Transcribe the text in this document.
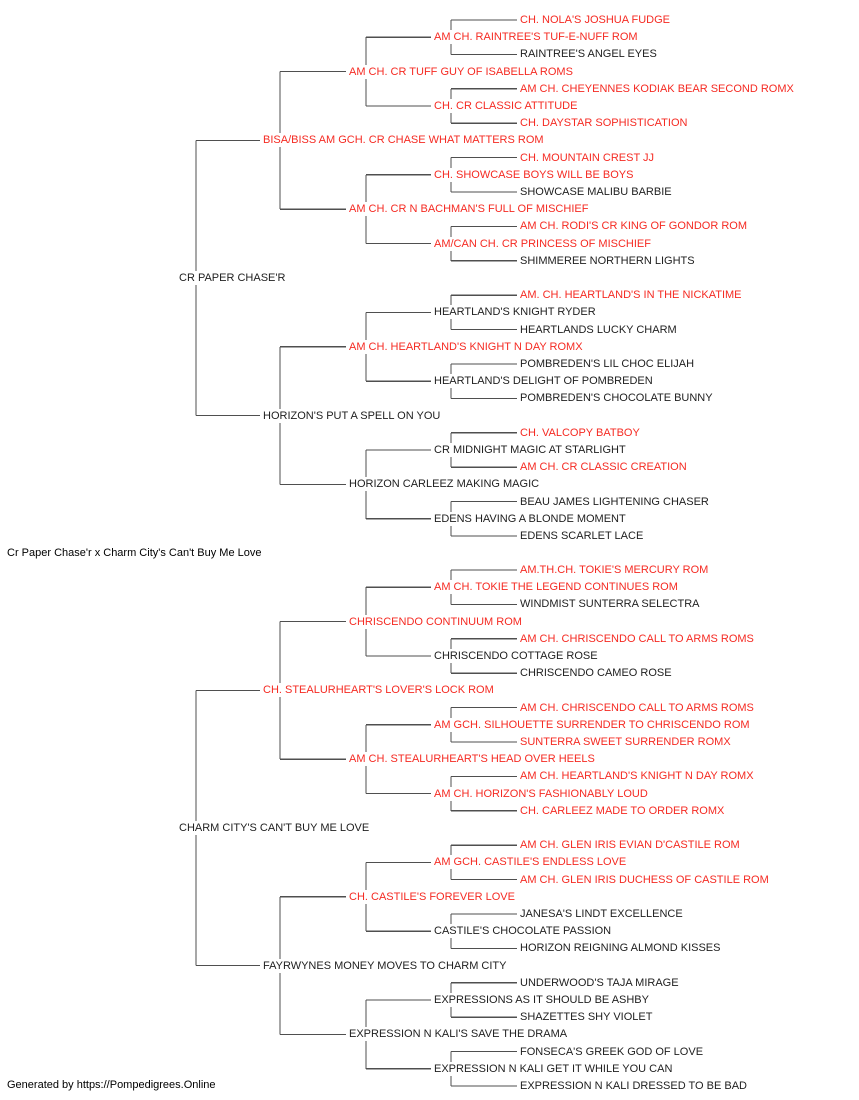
CH. NOLA'S JOSHUA FUDGE
RAINTREE'S ANGEL EYES
AM CH. RAINTREE'S TUF-E-NUFF ROM
AM CH. CHEYENNES KODIAK BEAR SECOND ROMX
CH. DAYSTAR SOPHISTICATION
CH. CR CLASSIC ATTITUDE
AM CH. CR TUFF GUY OF ISABELLA ROMS
CH. MOUNTAIN CREST JJ
SHOWCASE MALIBU BARBIE
CH. SHOWCASE BOYS WILL BE BOYS
AM CH. RODI'S CR KING OF GONDOR ROM
SHIMMEREE NORTHERN LIGHTS
AM/CAN CH. CR PRINCESS OF MISCHIEF
AM CH. CR N BACHMAN'S FULL OF MISCHIEF
BISA/BISS AM GCH. CR CHASE WHAT MATTERS ROM
AM. CH. HEARTLAND'S IN THE NICKATIME
HEARTLANDS LUCKY CHARM
HEARTLAND'S KNIGHT RYDER
POMBREDEN'S LIL CHOC ELIJAH
POMBREDEN'S CHOCOLATE BUNNY
HEARTLAND'S DELIGHT OF POMBREDEN
AM CH. HEARTLAND'S KNIGHT N DAY ROMX
CH. VALCOPY BATBOY
AM CH. CR CLASSIC CREATION
CR MIDNIGHT MAGIC AT STARLIGHT
BEAU JAMES LIGHTENING CHASER
EDENS SCARLET LACE
EDENS HAVING A BLONDE MOMENT
HORIZON CARLEEZ MAKING MAGIC
HORIZON'S PUT A SPELL ON YOU
CR PAPER CHASE'R
AM.TH.CH. TOKIE'S MERCURY ROM
WINDMIST SUNTERRA SELECTRA
AM CH. TOKIE THE LEGEND CONTINUES ROM
AM CH. CHRISCENDO CALL TO ARMS ROMS
CHRISCENDO CAMEO ROSE
CHRISCENDO COTTAGE ROSE
CHRISCENDO CONTINUUM ROM
AM CH. CHRISCENDO CALL TO ARMS ROMS
SUNTERRA SWEET SURRENDER ROMX
AM GCH. SILHOUETTE SURRENDER TO CHRISCENDO ROM
AM CH. HEARTLAND'S KNIGHT N DAY ROMX
CH. CARLEEZ MADE TO ORDER ROMX
AM CH. HORIZON'S FASHIONABLY LOUD
AM CH. STEALURHEART'S HEAD OVER HEELS
CH. STEALURHEART'S LOVER'S LOCK ROM
AM CH. GLEN IRIS EVIAN D'CASTILE ROM
AM CH. GLEN IRIS DUCHESS OF CASTILE ROM
AM GCH. CASTILE'S ENDLESS LOVE
JANESA'S LINDT EXCELLENCE
HORIZON REIGNING ALMOND KISSES
CASTILE'S CHOCOLATE PASSION
CH. CASTILE'S FOREVER LOVE
UNDERWOOD'S TAJA MIRAGE
SHAZETTES SHY VIOLET
EXPRESSIONS AS IT SHOULD BE ASHBY
FONSECA'S GREEK GOD OF LOVE
EXPRESSION N KALI DRESSED TO BE BAD
EXPRESSION N KALI GET IT WHILE YOU CAN
EXPRESSION N KALI'S SAVE THE DRAMA
FAYRWYNES MONEY MOVES TO CHARM CITY
CHARM CITY'S CAN'T BUY ME LOVE
Cr Paper Chase'r x Charm City's Can't Buy Me Love
Generated by https://Pompedigrees.Online
